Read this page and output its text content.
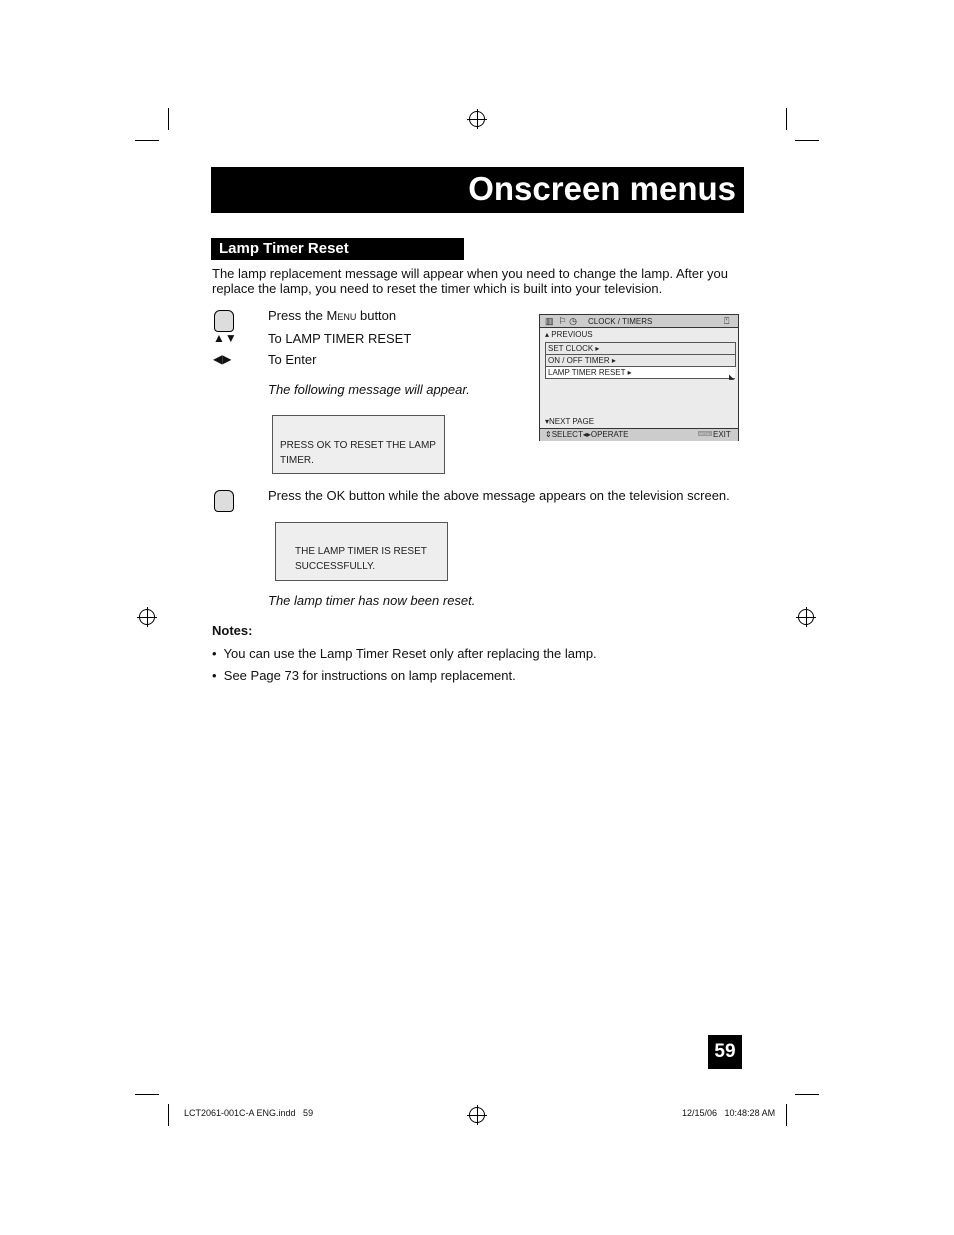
Onscreen menus
Lamp Timer Reset
The lamp replacement message will appear when you need to change the lamp. After you replace the lamp, you need to reset the timer which is built into your television.
Press the Menu button
▲▼ To LAMP TIMER RESET
◀▶	To Enter
The following message will appear.
PRESS OK TO RESET THE LAMP
TIMER.
▥  ⚐ ◷ CLOCK / TIMERS	⍞
▴ PREVIOUS
SET CLOCK ▸
ON / OFF TIMER ▸
LAMP TIMER RESET ▸
◣
▾NEXT PAGE
⇕SELECT◂▸OPERATE	MENU EXIT
Press the OK button while the above message appears on the television screen.
THE LAMP TIMER IS RESET
SUCCESSFULLY.
The lamp timer has now been reset.
Notes:
•  You can use the Lamp Timer Reset only after replacing the lamp.
•  See Page 73 for instructions on lamp replacement.
59
LCT2061-001C-A ENG.indd   59	12/15/06   10:48:28 AM
